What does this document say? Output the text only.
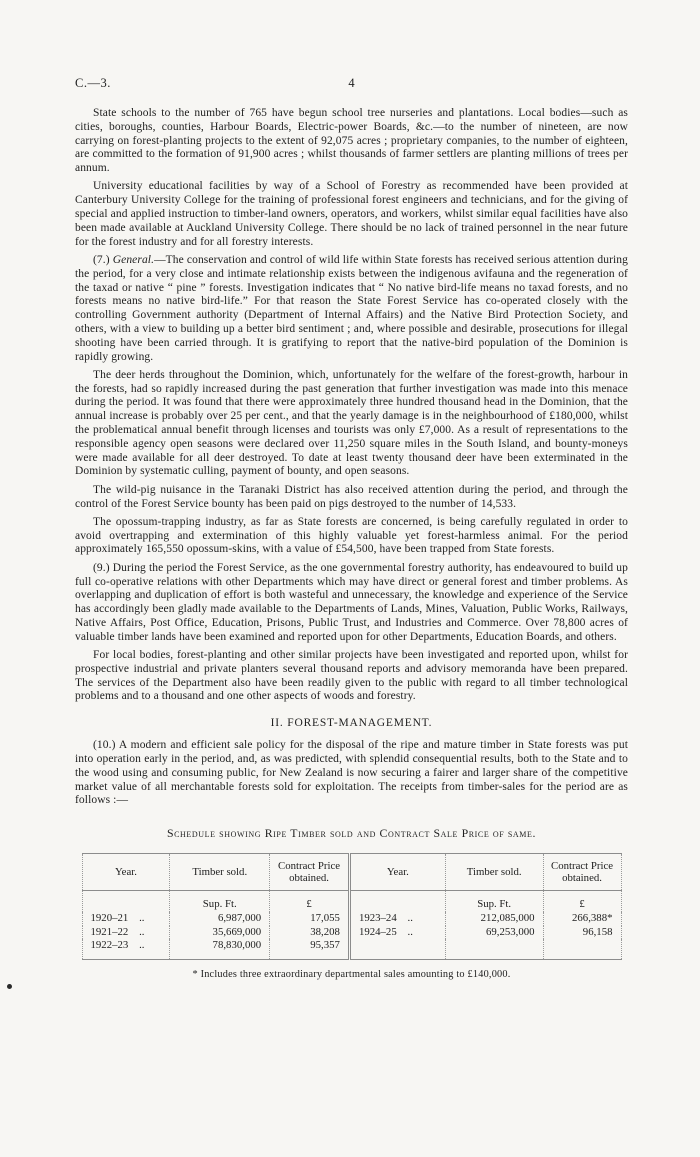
C.—3.	4

State schools to the number of 765 have begun school tree nurseries and plantations. Local bodies—such as cities, boroughs, counties, Harbour Boards, Electric-power Boards, &c.—to the number of nineteen, are now carrying on forest-planting projects to the extent of 92,075 acres ; proprietary companies, to the number of eighteen, are committed to the formation of 91,900 acres ; whilst thousands of farmer settlers are planting millions of trees per annum.

University educational facilities by way of a School of Forestry as recommended have been provided at Canterbury University College for the training of professional forest engineers and technicians, and for the giving of special and applied instruction to timber-land owners, operators, and workers, whilst similar equal facilities have also been made available at Auckland University College. There should be no lack of trained personnel in the near future for the forest industry and for all forestry interests.

(7.) General.—The conservation and control of wild life within State forests has received serious attention during the period, for a very close and intimate relationship exists between the indigenous avifauna and the regeneration of the taxad or native “ pine ” forests. Investigation indicates that “ No native bird-life means no taxad forests, and no forests means no native bird-life.” For that reason the State Forest Service has co-operated closely with the controlling Government authority (Department of Internal Affairs) and the Native Bird Protection Society, and others, with a view to building up a better bird sentiment ; and, where possible and desirable, prosecutions for illegal shooting have been carried through. It is gratifying to report that the native-bird population of the Dominion is rapidly growing.

The deer herds throughout the Dominion, which, unfortunately for the welfare of the forest-growth, harbour in the forests, had so rapidly increased during the past generation that further investigation was made into this menace during the period. It was found that there were approximately three hundred thousand head in the Dominion, that the annual increase is probably over 25 per cent., and that the yearly damage is in the neighbourhood of £180,000, whilst the problematical annual benefit through licenses and tourists was only £7,000. As a result of representations to the responsible agency open seasons were declared over 11,250 square miles in the South Island, and bounty-moneys were made available for all deer destroyed. To date at least twenty thousand deer have been exterminated in the Dominion by systematic culling, payment of bounty, and open seasons.

The wild-pig nuisance in the Taranaki District has also received attention during the period, and through the control of the Forest Service bounty has been paid on pigs destroyed to the number of 14,533.

The opossum-trapping industry, as far as State forests are concerned, is being carefully regulated in order to avoid overtrapping and extermination of this highly valuable yet forest-harmless animal. For the period approximately 165,550 opossum-skins, with a value of £54,500, have been trapped from State forests.

(9.) During the period the Forest Service, as the one governmental forestry authority, has endeavoured to build up full co-operative relations with other Departments which may have direct or general forest and timber problems. As overlapping and duplication of effort is both wasteful and unnecessary, the knowledge and experience of the Service has accordingly been gladly made available to the Departments of Lands, Mines, Valuation, Public Works, Railways, Native Affairs, Post Office, Education, Prisons, Public Trust, and Industries and Commerce. Over 78,800 acres of valuable timber lands have been examined and reported upon for other Departments, Education Boards, and others.

For local bodies, forest-planting and other similar projects have been investigated and reported upon, whilst for prospective industrial and private planters several thousand reports and advisory memoranda have been prepared. The services of the Department also have been readily given to the public with regard to all timber technological problems and to a thousand and one other aspects of woods and forestry.

II. FOREST-MANAGEMENT.

(10.) A modern and efficient sale policy for the disposal of the ripe and mature timber in State forests was put into operation early in the period, and, as was predicted, with splendid consequential results, both to the State and to the wood using and consuming public, for New Zealand is now securing a fairer and larger share of the competitive market value of all merchantable forests sold for exploitation. The receipts from timber-sales for the period are as follows :—

Schedule showing Ripe Timber sold and Contract Sale Price of same.
Year.	Timber sold.	Contract Price obtained.	Year.	Timber sold.	Contract Price obtained.
	Sup. Ft.	£		Sup. Ft.	£
1920–21 ..	6,987,000	17,055	1923–24 ..	212,085,000	266,388*
1921–22 ..	35,669,000	38,208	1924–25 ..	69,253,000	96,158
1922–23 ..	78,830,000	95,357			
* Includes three extraordinary departmental sales amounting to £140,000.
